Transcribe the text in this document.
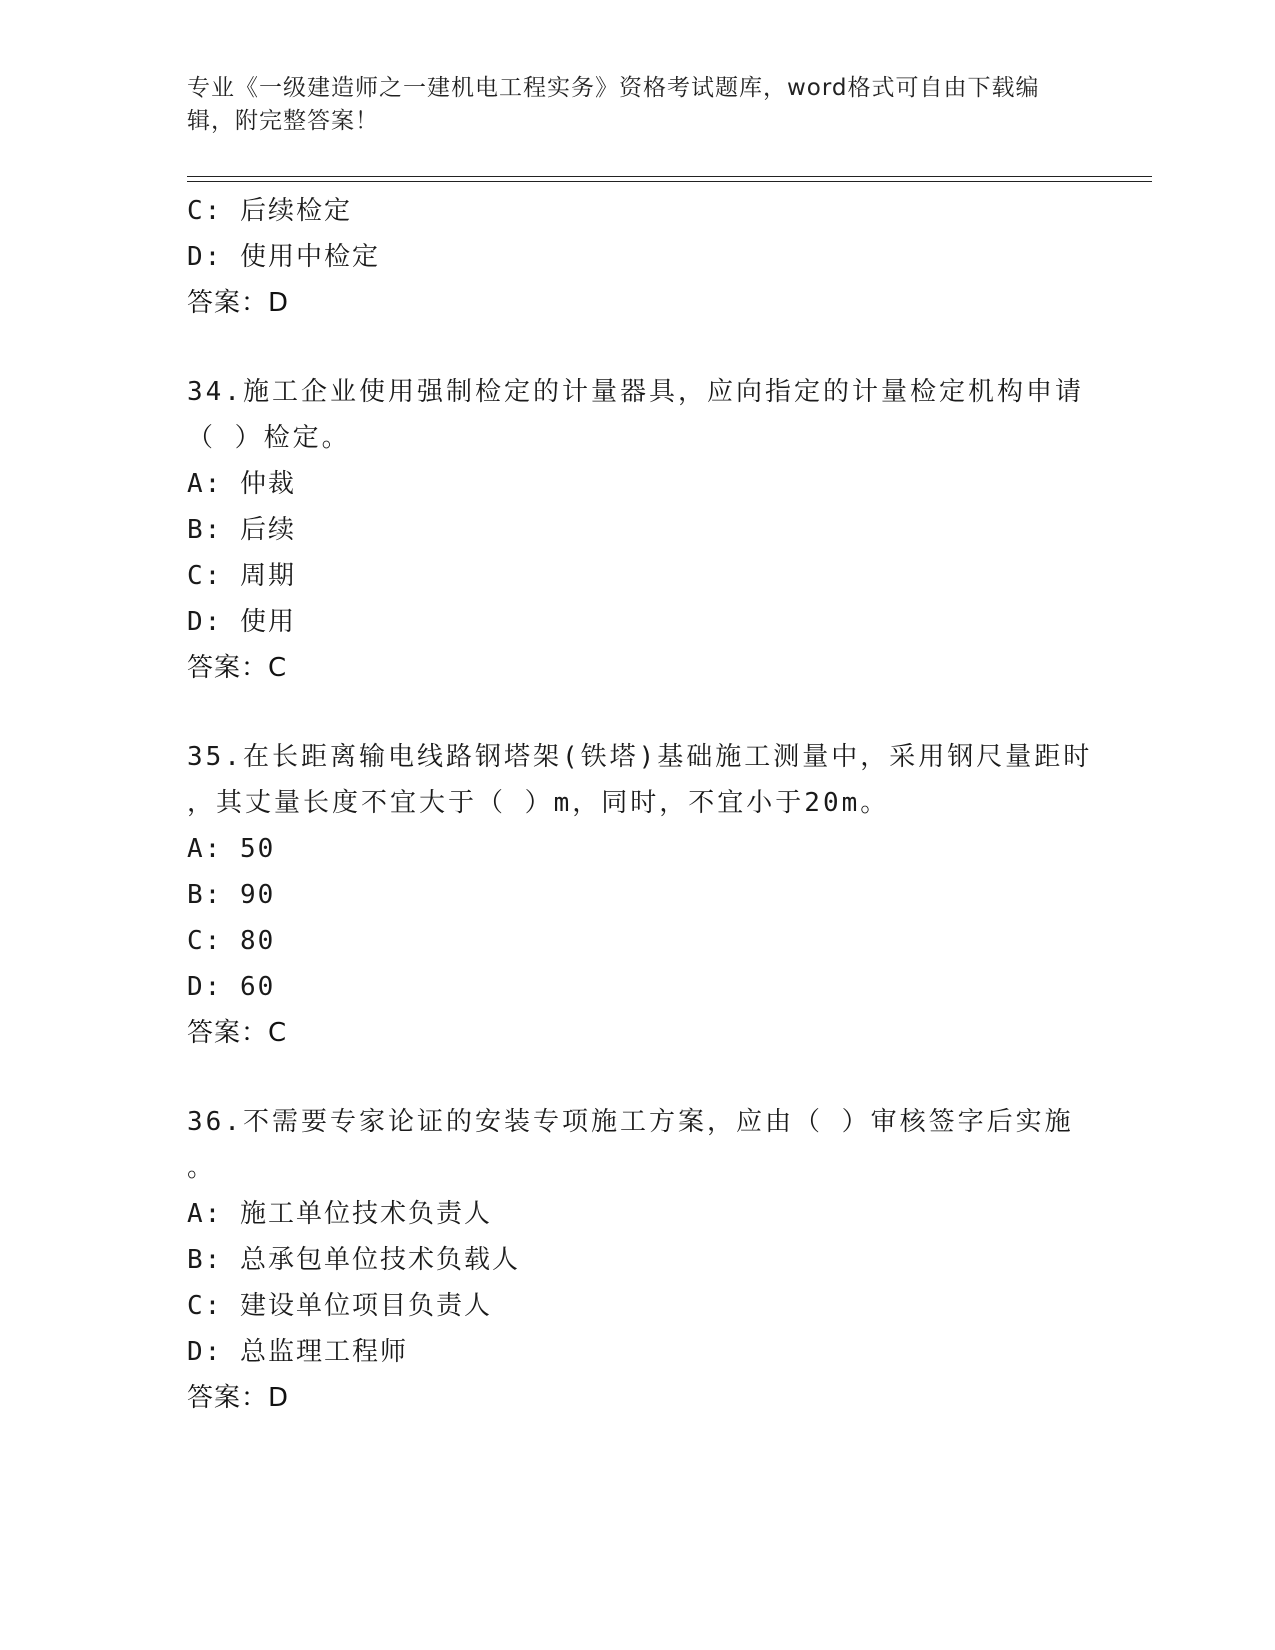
专业《一级建造师之一建机电工程实务》资格考试题库，word格式可自由下载编
辑，附完整答案！
C: 后续检定
D: 使用中检定
答案：D
34.施工企业使用强制检定的计量器具，应向指定的计量检定机构申请
（ ）检定。
A: 仲裁
B: 后续
C: 周期
D: 使用
答案：C
35.在长距离输电线路钢塔架(铁塔)基础施工测量中，采用钢尺量距时
，其丈量长度不宜大于（ ）m，同时，不宜小于20m。
A: 50
B: 90
C: 80
D: 60
答案：C
36.不需要专家论证的安装专项施工方案，应由（ ）审核签字后实施
。
A: 施工单位技术负责人
B: 总承包单位技术负载人
C: 建设单位项目负责人
D: 总监理工程师
答案：D
